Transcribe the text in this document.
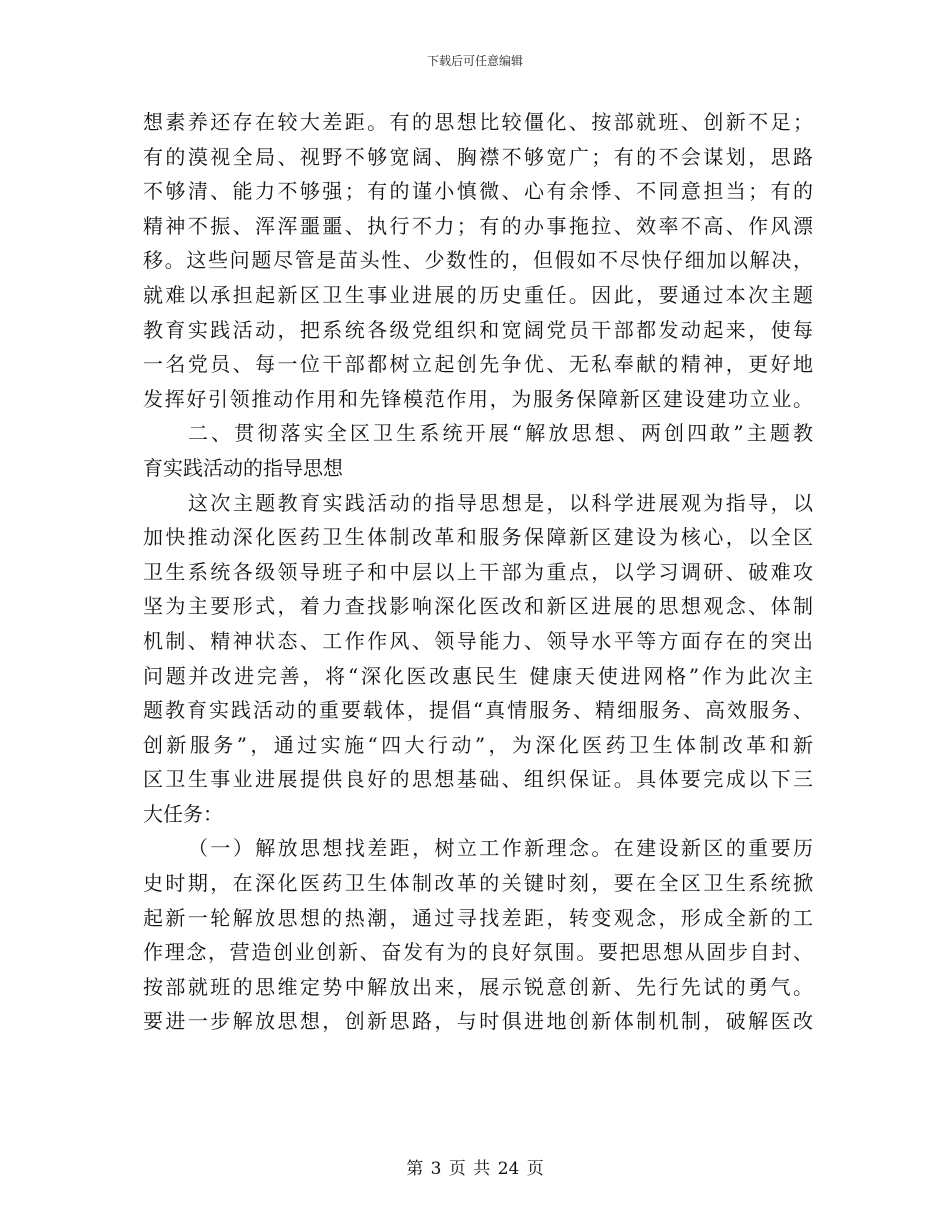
下载后可任意编辑
想素养还存在较大差距。有的思想比较僵化、按部就班、创新不足；
有的漠视全局、视野不够宽阔、胸襟不够宽广；有的不会谋划，思路
不够清、能力不够强；有的谨小慎微、心有余悸、不同意担当；有的
精神不振、浑浑噩噩、执行不力；有的办事拖拉、效率不高、作风漂
移。这些问题尽管是苗头性、少数性的，但假如不尽快仔细加以解决，
就难以承担起新区卫生事业进展的历史重任。因此，要通过本次主题
教育实践活动，把系统各级党组织和宽阔党员干部都发动起来，使每
一名党员、每一位干部都树立起创先争优、无私奉献的精神，更好地
发挥好引领推动作用和先锋模范作用，为服务保障新区建设建功立业。
二、贯彻落实全区卫生系统开展“解放思想、两创四敢”主题教
育实践活动的指导思想
这次主题教育实践活动的指导思想是，以科学进展观为指导，以
加快推动深化医药卫生体制改革和服务保障新区建设为核心，以全区
卫生系统各级领导班子和中层以上干部为重点，以学习调研、破难攻
坚为主要形式，着力查找影响深化医改和新区进展的思想观念、体制
机制、精神状态、工作作风、领导能力、领导水平等方面存在的突出
问题并改进完善，将“深化医改惠民生 健康天使进网格”作为此次主
题教育实践活动的重要载体，提倡“真情服务、精细服务、高效服务、
创新服务”，通过实施“四大行动”，为深化医药卫生体制改革和新
区卫生事业进展提供良好的思想基础、组织保证。具体要完成以下三
大任务：
（一）解放思想找差距，树立工作新理念。在建设新区的重要历
史时期，在深化医药卫生体制改革的关键时刻，要在全区卫生系统掀
起新一轮解放思想的热潮，通过寻找差距，转变观念，形成全新的工
作理念，营造创业创新、奋发有为的良好氛围。要把思想从固步自封、
按部就班的思维定势中解放出来，展示锐意创新、先行先试的勇气。
要进一步解放思想，创新思路，与时俱进地创新体制机制，破解医改
第 3 页 共 24 页
